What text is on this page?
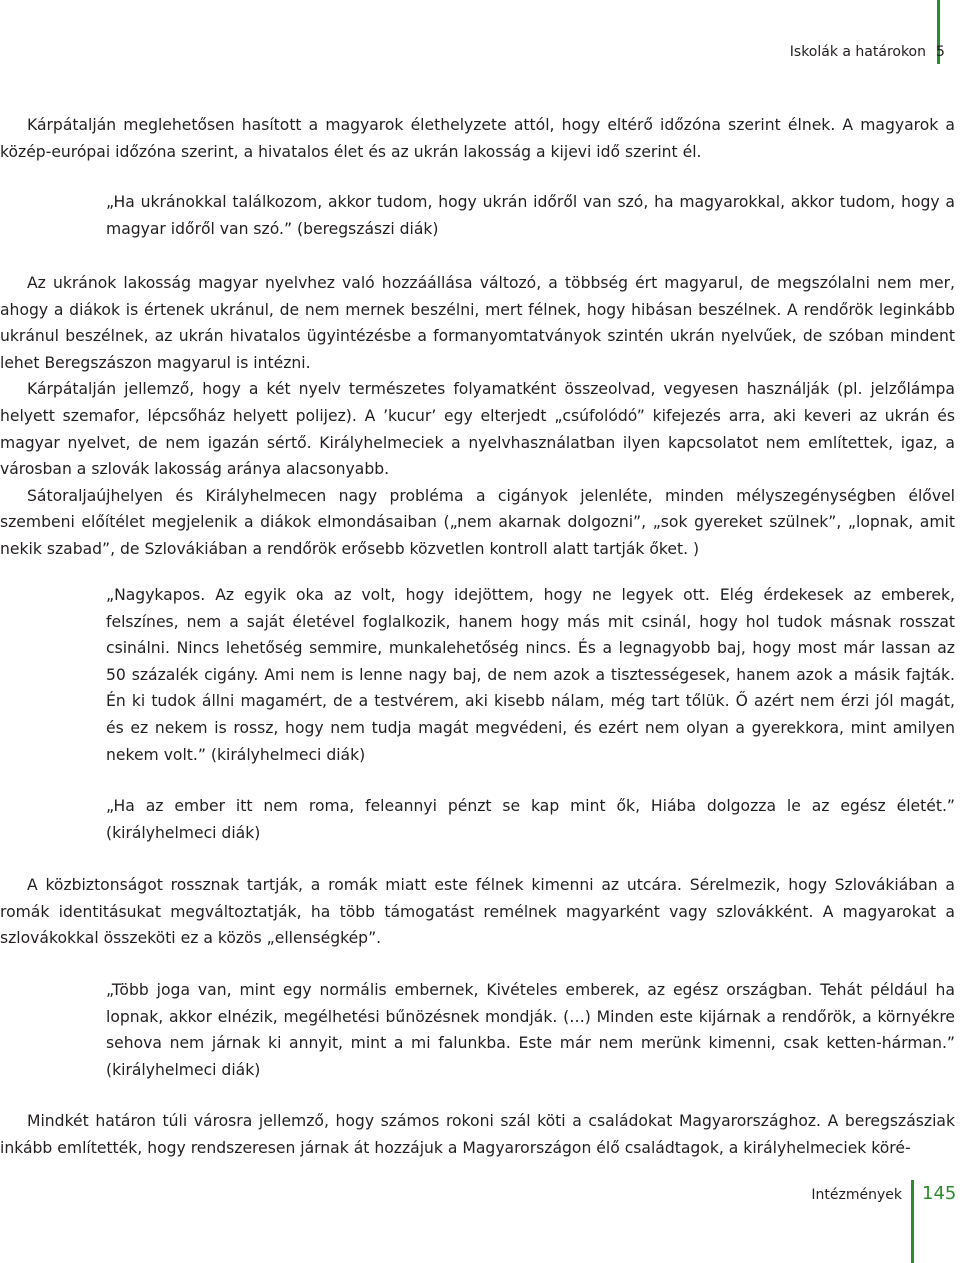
Iskolák a határokon 5

Kárpátalján meglehetősen hasított a magyarok élethelyzete attól, hogy eltérő időzóna szerint élnek. A magyarok a közép-európai időzóna szerint, a hivatalos élet és az ukrán lakosság a kijevi idő szerint él.

„Ha ukránokkal találkozom, akkor tudom, hogy ukrán időről van szó, ha magyarokkal, akkor tudom, hogy a magyar időről van szó.” (beregszászi diák)

Az ukránok lakosság magyar nyelvhez való hozzáállása változó, a többség ért magyarul, de megszólalni nem mer, ahogy a diákok is értenek ukránul, de nem mernek beszélni, mert félnek, hogy hibásan beszélnek. A rendőrök leginkább ukránul beszélnek, az ukrán hivatalos ügyintézésbe a formanyomtatványok szintén ukrán nyelvűek, de szóban mindent lehet Beregszászon magyarul is intézni.

Kárpátalján jellemző, hogy a két nyelv természetes folyamatként összeolvad, vegyesen használják (pl. jelzőlámpa helyett szemafor, lépcsőház helyett polijez). A ’kucur’ egy elterjedt „csúfolódó” kifejezés arra, aki keveri az ukrán és magyar nyelvet, de nem igazán sértő. Királyhelmeciek a nyelvhasználatban ilyen kapcsolatot nem említettek, igaz, a városban a szlovák lakosság aránya alacsonyabb.

Sátoraljaújhelyen és Királyhelmecen nagy probléma a cigányok jelenléte, minden mélyszegénységben élővel szembeni előítélet megjelenik a diákok elmondásaiban („nem akarnak dolgozni”, „sok gyereket szülnek”, „lopnak, amit nekik szabad”, de Szlovákiában a rendőrök erősebb közvetlen kontroll alatt tartják őket. )

„Nagykapos. Az egyik oka az volt, hogy idejöttem, hogy ne legyek ott. Elég érdekesek az emberek, felszínes, nem a saját életével foglalkozik, hanem hogy más mit csinál, hogy hol tudok másnak rosszat csinálni. Nincs lehetőség semmire, munkalehetőség nincs. És a legnagyobb baj, hogy most már lassan az 50 százalék cigány. Ami nem is lenne nagy baj, de nem azok a tisztességesek, hanem azok a másik fajták. Én ki tudok állni magamért, de a testvérem, aki kisebb nálam, még tart tőlük. Ő azért nem érzi jól magát, és ez nekem is rossz, hogy nem tudja magát megvédeni, és ezért nem olyan a gyerekkora, mint amilyen nekem volt.” (királyhelmeci diák)

„Ha az ember itt nem roma, feleannyi pénzt se kap mint ők, Hiába dolgozza le az egész életét.” (királyhelmeci diák)

A közbiztonságot rossznak tartják, a romák miatt este félnek kimenni az utcára. Sérelmezik, hogy Szlovákiában a romák identitásukat megváltoztatják, ha több támogatást remélnek magyarként vagy szlovákként. A magyarokat a szlovákokkal összeköti ez a közös „ellenségkép”.

„Több joga van, mint egy normális embernek, Kivételes emberek, az egész országban. Tehát például ha lopnak, akkor elnézik, megélhetési bűnözésnek mondják. (…) Minden este kijárnak a rendőrök, a környékre sehova nem járnak ki annyit, mint a mi falunkba. Este már nem merünk kimenni, csak ketten-hárman.” (királyhelmeci diák)

Mindkét határon túli városra jellemző, hogy számos rokoni szál köti a családokat Magyarországhoz. A beregszásziak inkább említették, hogy rendszeresen járnak át hozzájuk a Magyarországon élő családtagok, a királyhelmeciek köré-

Intézmények 145
